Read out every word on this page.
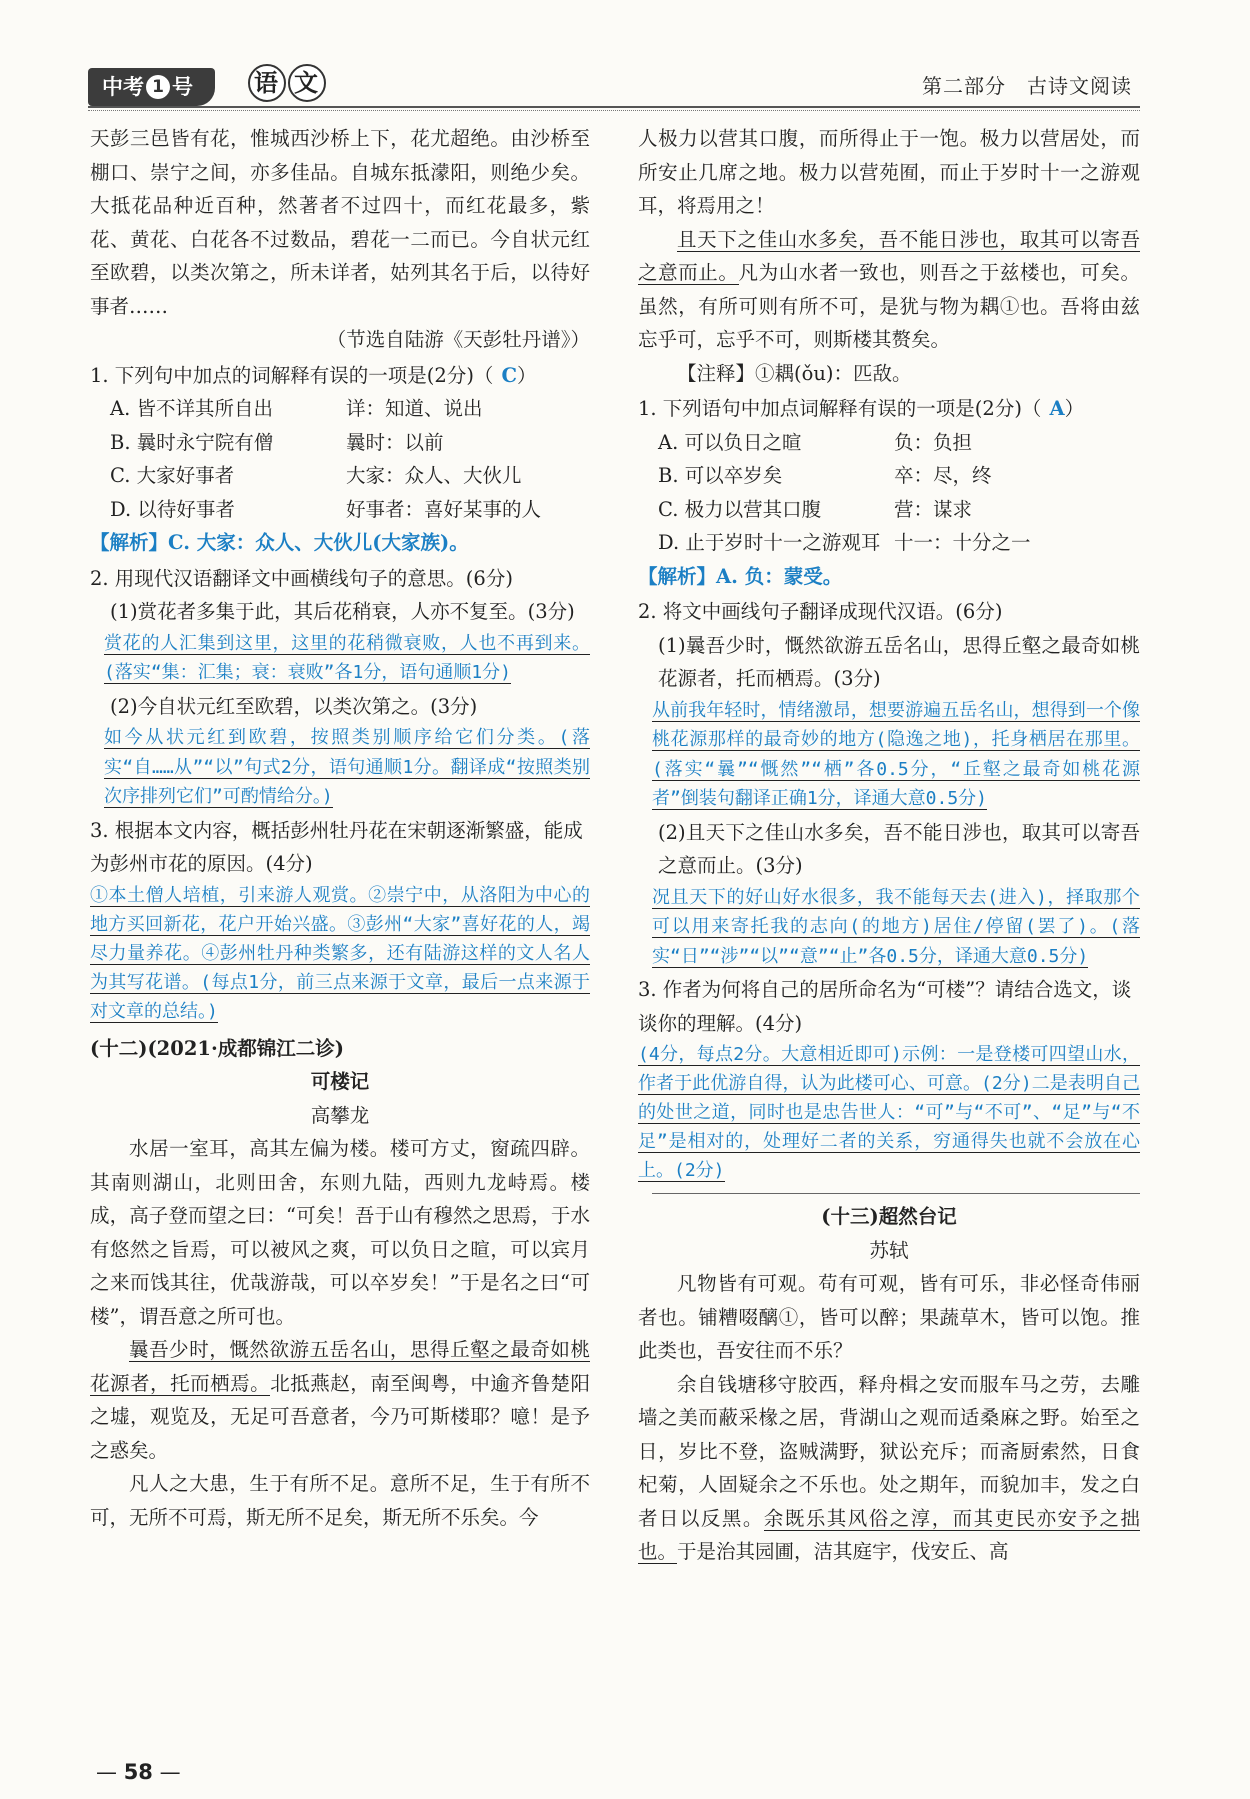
中考 1 号	语 文	第二部分　古诗文阅读

天彭三邑皆有花，惟城西沙桥上下，花尤超绝。由沙桥至棚口、崇宁之间，亦多佳品。自城东抵濛阳，则绝少矣。大抵花品种近百种，然著者不过四十，而红花最多，紫花、黄花、白花各不过数品，碧花一二而已。今自状元红至欧碧，以类次第之，所未详者，姑列其名于后，以待好事者……

（节选自陆游《天彭牡丹谱》）

1. 下列句中加点的词解释有误的一项是(2分)（ C）

A. 皆不详其所自出	详：知道、说出
B. 曩时永宁院有僧	曩时：以前
C. 大家好事者	大家：众人、大伙儿
D. 以待好事者	好事者：喜好某事的人

【解析】C. 大家：众人、大伙儿(大家族)。

2. 用现代汉语翻译文中画横线句子的意思。(6分)

(1)赏花者多集于此，其后花稍衰，人亦不复至。(3分)

赏花的人汇集到这里，这里的花稍微衰败，人也不再到来。(落实“集：汇集；衰：衰败”各1分，语句通顺1分)

(2)今自状元红至欧碧，以类次第之。(3分)

如今从状元红到欧碧，按照类别顺序给它们分类。(落实“自……从”“以”句式2分，语句通顺1分。翻译成“按照类别次序排列它们”可酌情给分。)

3. 根据本文内容，概括彭州牡丹花在宋朝逐渐繁盛，能成为彭州市花的原因。(4分)

①本土僧人培植，引来游人观赏。②崇宁中，从洛阳为中心的地方买回新花，花户开始兴盛。③彭州“大家”喜好花的人，竭尽力量养花。④彭州牡丹种类繁多，还有陆游这样的文人名人为其写花谱。(每点1分，前三点来源于文章，最后一点来源于对文章的总结。)

(十二)(2021·成都锦江二诊)

可楼记

高攀龙

水居一室耳，高其左偏为楼。楼可方丈，窗疏四辟。其南则湖山，北则田舍，东则九陆，西则九龙峙焉。楼成，高子登而望之曰：“可矣！吾于山有穆然之思焉，于水有悠然之旨焉，可以被风之爽，可以负日之暄，可以宾月之来而饯其往，优哉游哉，可以卒岁矣！”于是名之曰“可楼”，谓吾意之所可也。

曩吾少时，慨然欲游五岳名山，思得丘壑之最奇如桃花源者，托而栖焉。北抵燕赵，南至闽粤，中逾齐鲁楚阳之墟，观览及，无足可吾意者，今乃可斯楼耶？噫！是予之惑矣。

凡人之大患，生于有所不足。意所不足，生于有所不可，无所不可焉，斯无所不足矣，斯无所不乐矣。今

人极力以营其口腹，而所得止于一饱。极力以营居处，而所安止几席之地。极力以营苑囿，而止于岁时十一之游观耳，将焉用之！

且天下之佳山水多矣，吾不能日涉也，取其可以寄吾之意而止。凡为山水者一致也，则吾之于兹楼也，可矣。虽然，有所可则有所不可，是犹与物为耦①也。吾将由兹忘乎可，忘乎不可，则斯楼其赘矣。

【注释】①耦(ǒu)：匹敌。

1. 下列语句中加点词解释有误的一项是(2分)（ A）

A. 可以负日之暄	负：负担
B. 可以卒岁矣	卒：尽，终
C. 极力以营其口腹	营：谋求
D. 止于岁时十一之游观耳 十一：十分之一

【解析】A. 负：蒙受。

2. 将文中画线句子翻译成现代汉语。(6分)

(1)曩吾少时，慨然欲游五岳名山，思得丘壑之最奇如桃花源者，托而栖焉。(3分)

从前我年轻时，情绪激昂，想要游遍五岳名山，想得到一个像桃花源那样的最奇妙的地方(隐逸之地)，托身栖居在那里。(落实“曩”“慨然”“栖”各0.5分，“丘壑之最奇如桃花源者”倒装句翻译正确1分，译通大意0.5分)

(2)且天下之佳山水多矣，吾不能日涉也，取其可以寄吾之意而止。(3分)

况且天下的好山好水很多，我不能每天去(进入)，择取那个可以用来寄托我的志向(的地方)居住/停留(罢了)。(落实“日”“涉”“以”“意”“止”各0.5分，译通大意0.5分)

3. 作者为何将自己的居所命名为“可楼”？请结合选文，谈谈你的理解。(4分)

(4分，每点2分。大意相近即可)示例：一是登楼可四望山水，作者于此优游自得，认为此楼可心、可意。(2分)二是表明自己的处世之道，同时也是忠告世人：“可”与“不可”、“足”与“不足”是相对的，处理好二者的关系，穷通得失也就不会放在心上。(2分)

(十三)超然台记

苏轼

凡物皆有可观。苟有可观，皆有可乐，非必怪奇伟丽者也。铺糟啜醨①，皆可以醉；果蔬草木，皆可以饱。推此类也，吾安往而不乐？

余自钱塘移守胶西，释舟楫之安而服车马之劳，去雕墙之美而蔽采椽之居，背湖山之观而适桑麻之野。始至之日，岁比不登，盗贼满野，狱讼充斥；而斋厨索然，日食杞菊，人固疑余之不乐也。处之期年，而貌加丰，发之白者日以反黑。余既乐其风俗之淳，而其吏民亦安予之拙也。于是治其园圃，洁其庭宇，伐安丘、高

— 58 —
